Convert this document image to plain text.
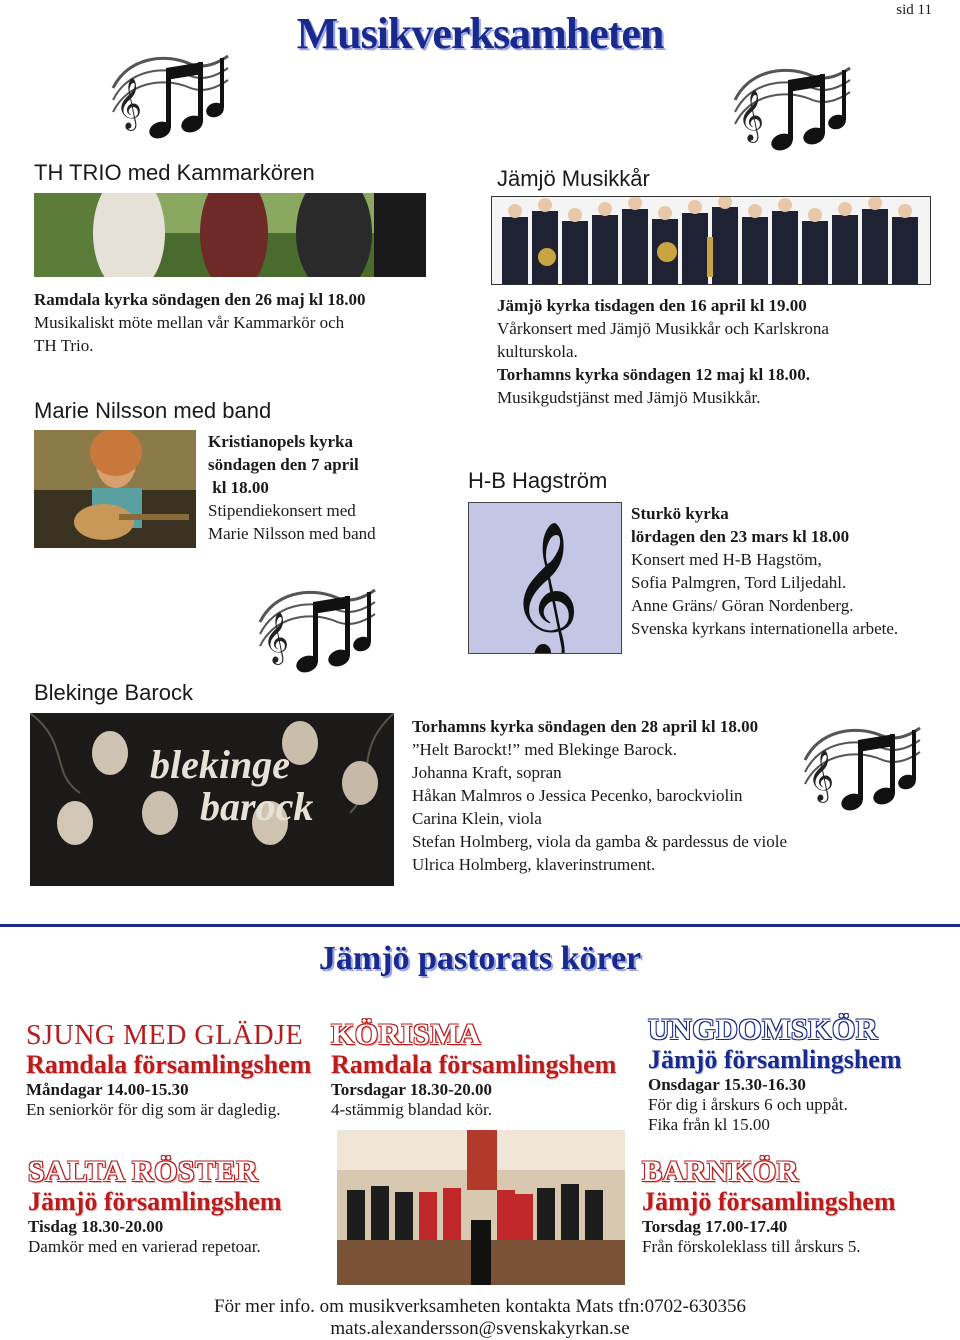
Musikverksamheten	sid 11
TH TRIO med Kammarkören
Ramdala kyrka söndagen den 26 maj kl 18.00
Musikaliskt möte mellan vår Kammarkör och
TH Trio.
Jämjö Musikkår
Jämjö kyrka tisdagen den 16 april kl 19.00
Vårkonsert med Jämjö Musikkår och Karlskrona
kulturskola.
Torhamns kyrka söndagen 12 maj kl 18.00.
Musikgudstjänst med Jämjö Musikkår.
Marie Nilsson med band
Kristianopels kyrka
söndagen den 7 april
kl 18.00
Stipendiekonsert med
Marie Nilsson med band
H-B Hagström
𝄞
Sturkö kyrka
lördagen den 23 mars kl 18.00
Konsert med H-B Hagstöm,
Sofia Palmgren, Tord Liljedahl.
Anne Gräns/ Göran Nordenberg.
Svenska kyrkans internationella arbete.
Blekinge Barock
blekinge
barock
Torhamns kyrka söndagen den 28 april kl 18.00
”Helt Barockt!” med Blekinge Barock.
Johanna Kraft, sopran
Håkan Malmros o Jessica Pecenko, barockviolin
Carina Klein, viola
Stefan Holmberg, viola da gamba & pardessus de viole
Ulrica Holmberg, klaverinstrument.
Jämjö pastorats körer
SJUNG MED GLÄDJE
Ramdala församlingshem
Måndagar 14.00-15.30
En seniorkör för dig som är dagledig.
KÖRISMA
Ramdala församlingshem
Torsdagar 18.30-20.00
4-stämmig blandad kör.
UNGDOMSKÖR
Jämjö församlingshem
Onsdagar 15.30-16.30
För dig i årskurs 6 och uppåt.
Fika från kl 15.00
SALTA RÖSTER
Jämjö församlingshem
Tisdag 18.30-20.00
Damkör med en varierad repetoar.
BARNKÖR
Jämjö församlingshem
Torsdag 17.00-17.40
Från förskoleklass till årskurs 5.
För mer info. om musikverksamheten kontakta Mats tfn:0702-630356
mats.alexandersson@svenskakyrkan.se
